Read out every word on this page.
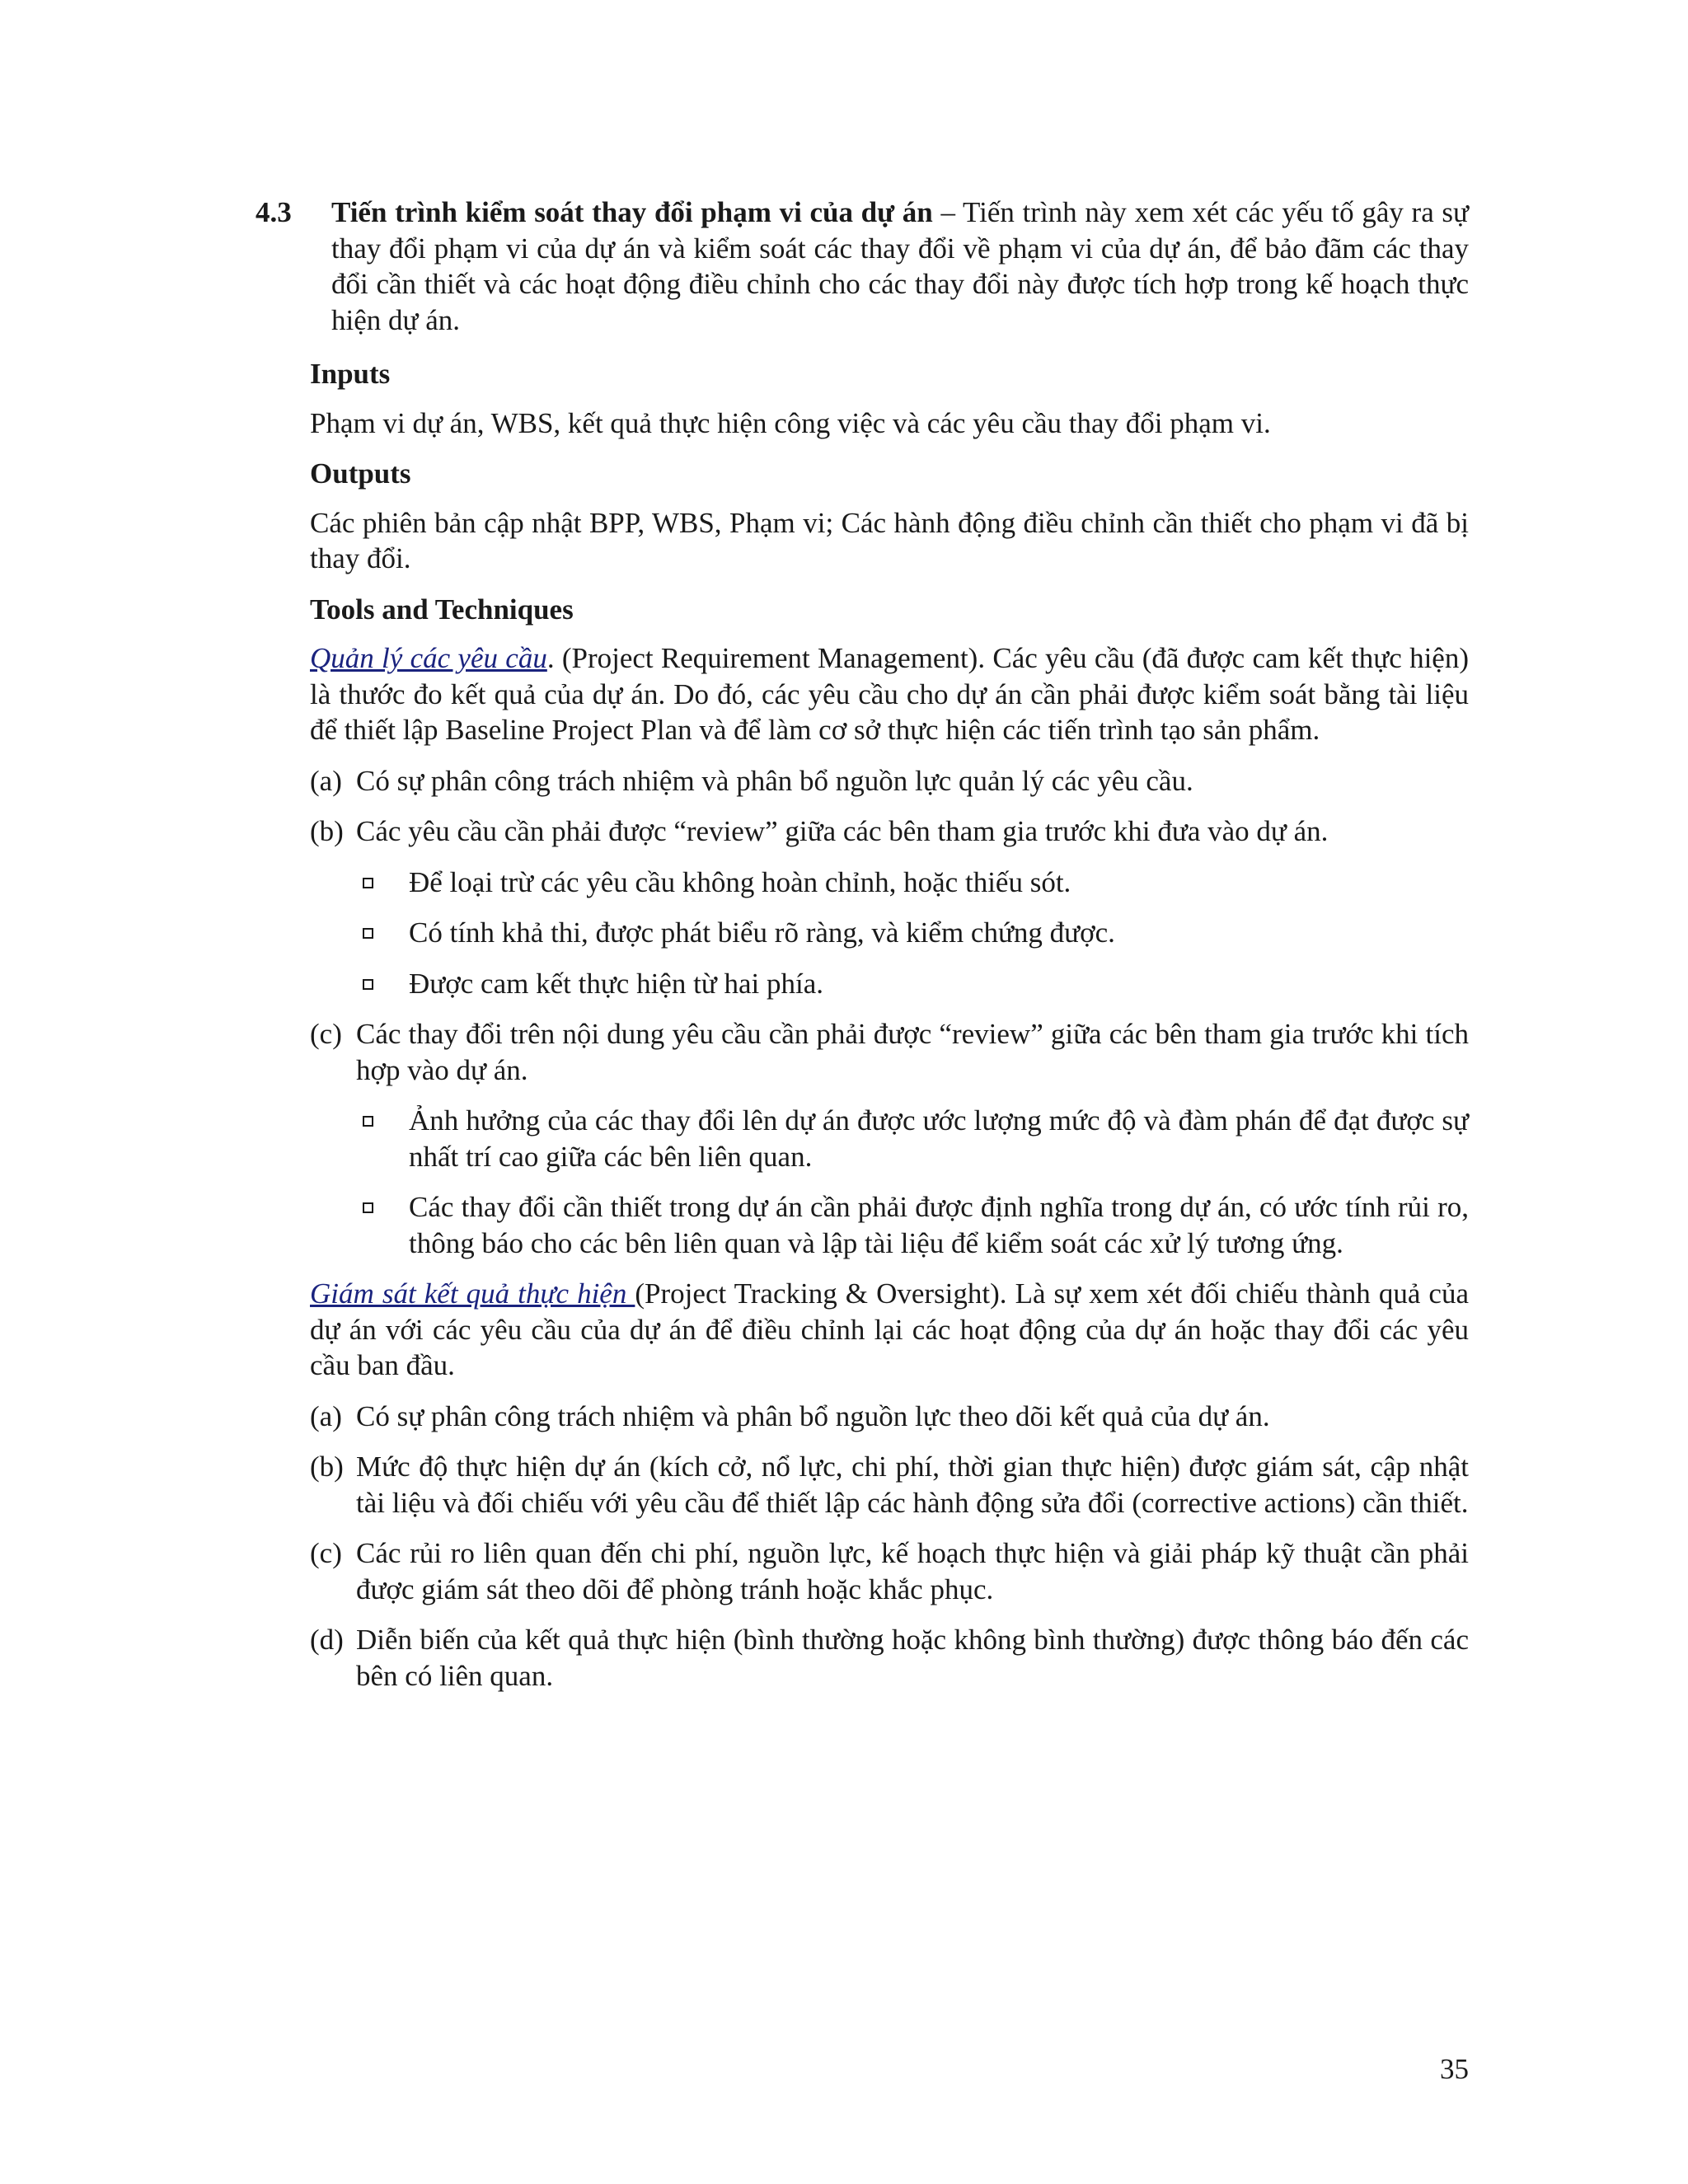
4.3 Tiến trình kiểm soát thay đổi phạm vi của dự án – Tiến trình này xem xét các yếu tố gây ra sự thay đổi phạm vi của dự án và kiểm soát các thay đổi về phạm vi của dự án, để bảo đãm các thay đổi cần thiết và các hoạt động điều chỉnh cho các thay đổi này được tích hợp trong kế hoạch thực hiện dự án.

Inputs

Phạm vi dự án, WBS, kết quả thực hiện công việc và các yêu cầu thay đổi phạm vi.

Outputs

Các phiên bản cập nhật BPP, WBS, Phạm vi; Các hành động điều chỉnh cần thiết cho phạm vi đã bị thay đổi.

Tools and Techniques

Quản lý các yêu cầu. (Project Requirement Management). Các yêu cầu (đã được cam kết thực hiện) là thước đo kết quả của dự án. Do đó, các yêu cầu cho dự án cần phải được kiểm soát bằng tài liệu để thiết lập Baseline Project Plan và để làm cơ sở thực hiện các tiến trình tạo sản phẩm.

(a) Có sự phân công trách nhiệm và phân bổ nguồn lực quản lý các yêu cầu.
(b) Các yêu cầu cần phải được “review” giữa các bên tham gia trước khi đưa vào dự án.
Để loại trừ các yêu cầu không hoàn chỉnh, hoặc thiếu sót.
Có tính khả thi, được phát biểu rõ ràng, và kiểm chứng được.
Được cam kết thực hiện từ hai phía.
(c) Các thay đổi trên nội dung yêu cầu cần phải được “review” giữa các bên tham gia trước khi tích hợp vào dự án.
Ảnh hưởng của các thay đổi lên dự án được ước lượng mức độ và đàm phán để đạt được sự nhất trí cao giữa các bên liên quan.
Các thay đổi cần thiết trong dự án cần phải được định nghĩa trong dự án, có ước tính rủi ro, thông báo cho các bên liên quan và lập tài liệu để kiểm soát các xử lý tương ứng.

Giám sát kết quả thực hiện (Project Tracking & Oversight). Là sự xem xét đối chiếu thành quả của dự án với các yêu cầu của dự án để điều chỉnh lại các hoạt động của dự án hoặc thay đổi các yêu cầu ban đầu.

(a) Có sự phân công trách nhiệm và phân bổ nguồn lực theo dõi kết quả của dự án.
(b) Mức độ thực hiện dự án (kích cở, nổ lực, chi phí, thời gian thực hiện) được giám sát, cập nhật tài liệu và đối chiếu với yêu cầu để thiết lập các hành động sửa đổi (corrective actions) cần thiết.
(c) Các rủi ro liên quan đến chi phí, nguồn lực, kế hoạch thực hiện và giải pháp kỹ thuật cần phải được giám sát theo dõi để phòng tránh hoặc khắc phục.
(d) Diễn biến của kết quả thực hiện (bình thường hoặc không bình thường) được thông báo đến các bên có liên quan.
35
